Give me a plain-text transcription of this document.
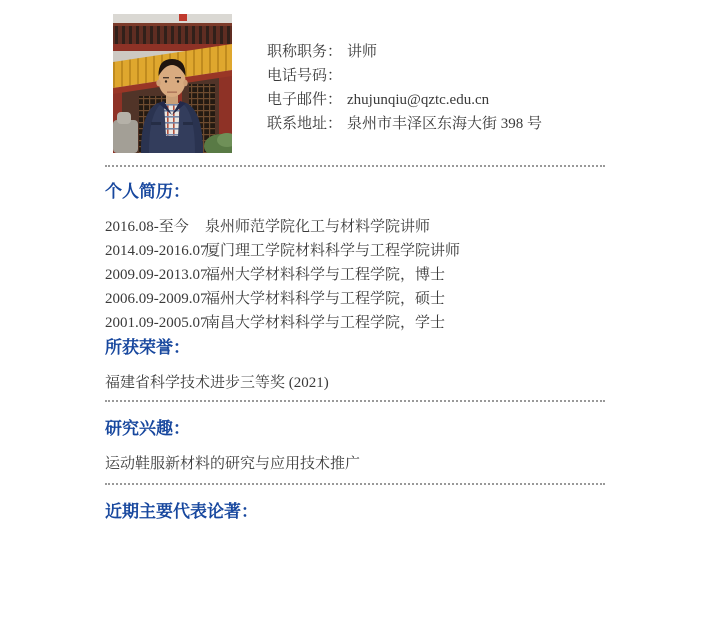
职称职务： 讲师
电话号码：
电子邮件： zhujunqiu@qztc.edu.cn
联系地址： 泉州市丰泽区东海大街 398 号
个人简历：
2016.08-至今 泉州师范学院化工与材料学院讲师
2014.09-2016.07厦门理工学院材料科学与工程学院讲师
2009.09-2013.07福州大学材料科学与工程学院，博士
2006.09-2009.07福州大学材料科学与工程学院，硕士
2001.09-2005.07南昌大学材料科学与工程学院，学士
所获荣誉：
福建省科学技术进步三等奖 (2021)
研究兴趣：
运动鞋服新材料的研究与应用技术推广
近期主要代表论著：
